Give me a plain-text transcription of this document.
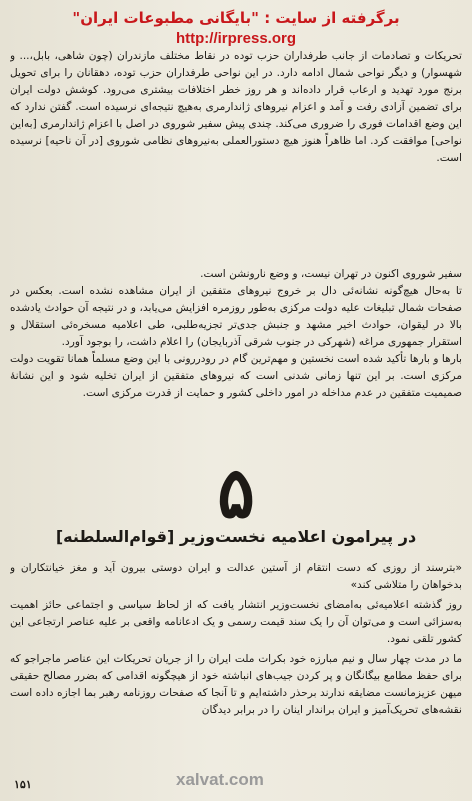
برگرفته از سایت : "بایگانی مطبوعات ایران"
http://irpress.org

تحریکات و تصادمات از جانب طرفداران حزب توده در نقاط مختلف مازندران (چون شاهی، بابل،... و شهسوار) و دیگر نواحی شمال ادامه دارد. در این نواحی طرفداران حزب توده، دهقانان را برای تحویل برنج مورد تهدید و ارعاب قرار داده‌اند و هر روز خطر اختلافات بیشتری می‌رود. کوشش دولت ایران برای تضمین آزادی رفت و آمد و اعزام نیروهای ژاندارمری به‌هیچ نتیجه‌ای نرسیده است. گفتن ندارد که این وضع اقدامات فوری را ضروری می‌کند. چندی پیش سفیر شوروی در اصل با اعزام ژاندارمری [به‌این نواحی] موافقت کرد. اما ظاهراً هنوز هیچ دستورالعملی به‌نیروهای نظامی شوروی [در آن ناحیه] نرسیده است.

سفیر شوروی اکنون در تهران نیست، و وضع نارونشن است.

تا به‌حال هیچ‌گونه نشانه‌ئی دال بر خروج نیروهای متفقین از ایران مشاهده نشده است. بعکس در صفحات شمال تبلیغات علیه دولت مرکزی به‌طور روزمره افزایش می‌یابد، و در نتیجه آن حوادث یادشده بالا در لیقوان، حوادث اخیر مشهد و جنبش جدی‌تر تجزیه‌طلبی، طی اعلامیه مسخره‌ئی استقلال و استقرار جمهوری مراغه (شهرکی در جنوب شرقی آذربایجان) را اعلام داشت، را بوجود آورد.

بارها و بارها تأکید شده است نخستین و مهم‌ترین گام در رودررونی با این وضع مسلماً همانا تقویت دولت مرکزی است. بر این تنها زمانی شدنی است که نیروهای متفقین از ایران تخلیه شود و این نشانهٔ صمیمیت متفقین در عدم مداخله در امور داخلی کشور و حمایت از قدرت مرکزی است.

۵
در پیرامون اعلامیه نخست‌وزیر [قوام‌السلطنه]

«بترسند از روزی که دست انتقام از آستین عدالت و ایران دوستی بیرون آید و مغز خیانتکاران و بدخواهان را متلاشی کند»

روز گذشته اعلامیه‌ئی به‌امضای نخست‌وزیر انتشار یافت که از لحاظ سیاسی و اجتماعی حائز اهمیت به‌سزائی است و می‌توان آن را یک سند قیمت رسمی و یک ادعانامه واقعی بر علیه عناصر ارتجاعی این کشور تلقی نمود.

ما در مدت چهار سال و نیم مبارزه خود بکرات ملت ایران را از جریان تحریکات این عناصر ماجراجو که برای حفظ مطامع بیگانگان و پر کردن جیب‌های انباشته خود از هیچگونه اقدامی که بضرر مصالح حقیقی میهن عزیزمانست مضایقه ندارند برحذر داشته‌ایم و تا آنجا که صفحات روزنامه رهبر بما اجازه داده است نقشه‌های تحریک‌آمیز و ایران براندار اینان را در برابر دیدگان

۱۵۱	xalvat.com
